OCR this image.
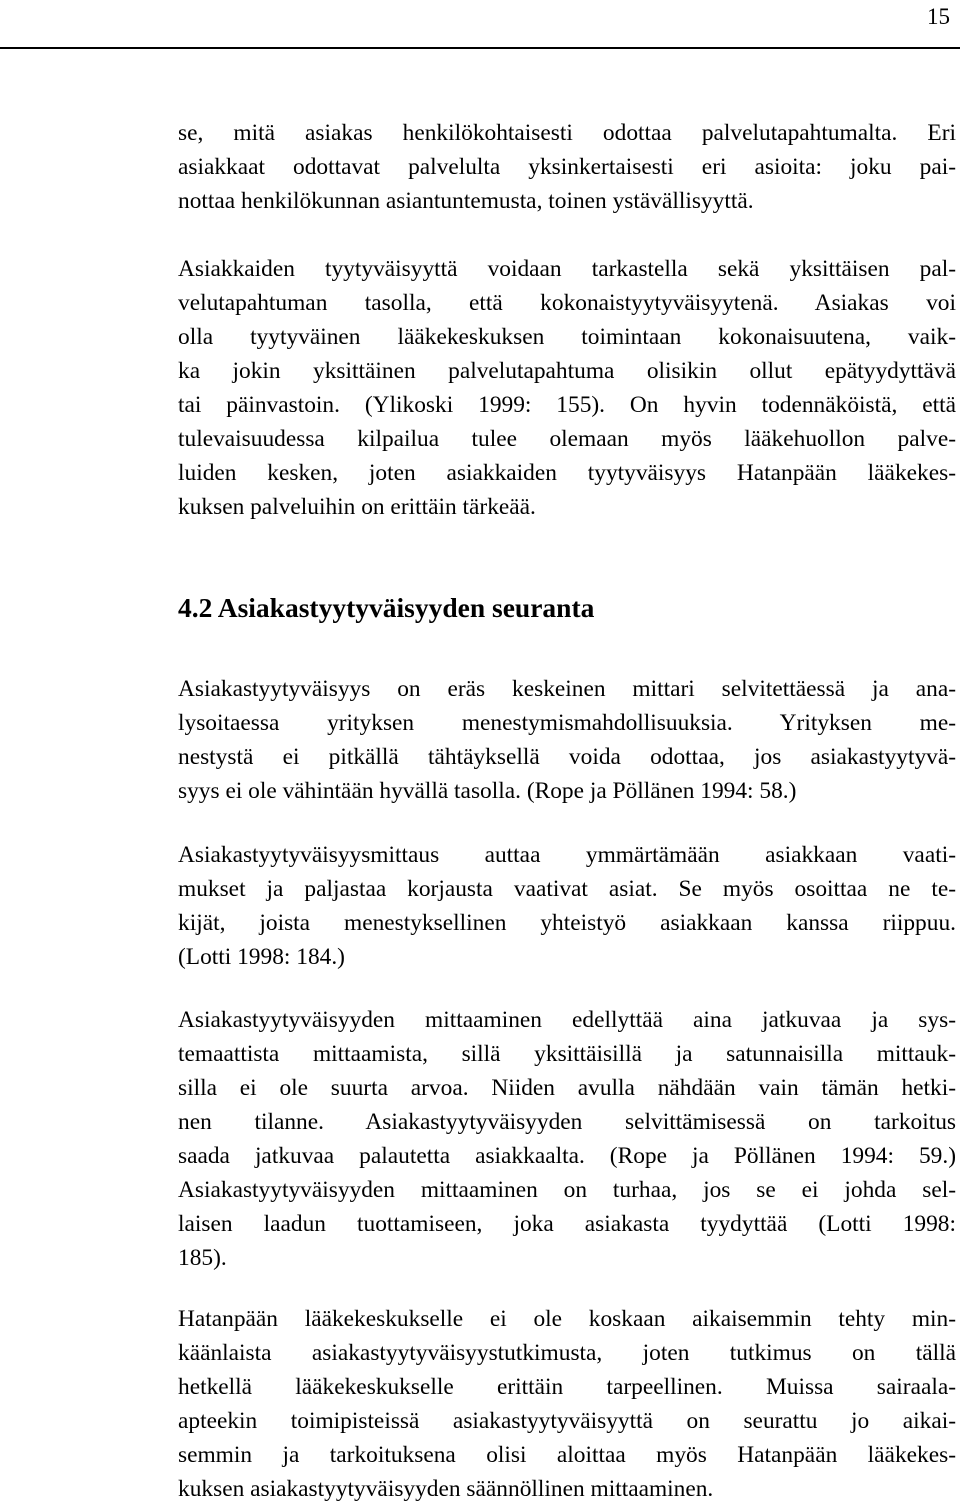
15

se, mitä asiakas henkilökohtaisesti odottaa palvelutapahtumalta. Eri
asiakkaat odottavat palvelulta yksinkertaisesti eri asioita: joku pai-
nottaa henkilökunnan asiantuntemusta, toinen ystävällisyyttä.

Asiakkaiden tyytyväisyyttä voidaan tarkastella sekä yksittäisen pal-
velutapahtuman tasolla, että kokonaistyytyväisyytenä. Asiakas voi
olla tyytyväinen lääkekeskuksen toimintaan kokonaisuutena, vaik-
ka jokin yksittäinen palvelutapahtuma olisikin ollut epätyydyttävä
tai päinvastoin. (Ylikoski 1999: 155). On hyvin todennäköistä, että
tulevaisuudessa kilpailua tulee olemaan myös lääkehuollon palve-
luiden kesken, joten asiakkaiden tyytyväisyys Hatanpään lääkekes-
kuksen palveluihin on erittäin tärkeää.

4.2 Asiakastyytyväisyyden seuranta

Asiakastyytyväisyys on eräs keskeinen mittari selvitettäessä ja ana-
lysoitaessa yrityksen menestymismahdollisuuksia. Yrityksen me-
nestystä ei pitkällä tähtäyksellä voida odottaa, jos asiakastyytyvä-
syys ei ole vähintään hyvällä tasolla. (Rope ja Pöllänen 1994: 58.)

Asiakastyytyväisyysmittaus auttaa ymmärtämään asiakkaan vaati-
mukset ja paljastaa korjausta vaativat asiat. Se myös osoittaa ne te-
kijät, joista menestyksellinen yhteistyö asiakkaan kanssa riippuu.
(Lotti 1998: 184.)

Asiakastyytyväisyyden mittaaminen edellyttää aina jatkuvaa ja sys-
temaattista mittaamista, sillä yksittäisillä ja satunnaisilla mittauk-
silla ei ole suurta arvoa. Niiden avulla nähdään vain tämän hetki-
nen tilanne. Asiakastyytyväisyyden selvittämisessä on tarkoitus
saada jatkuvaa palautetta asiakkaalta. (Rope ja Pöllänen 1994: 59.)
Asiakastyytyväisyyden mittaaminen on turhaa, jos se ei johda sel-
laisen laadun tuottamiseen, joka asiakasta tyydyttää (Lotti 1998:
185).

Hatanpään lääkekeskukselle ei ole koskaan aikaisemmin tehty min-
käänlaista asiakastyytyväisyystutkimusta, joten tutkimus on tällä
hetkellä lääkekeskukselle erittäin tarpeellinen. Muissa sairaala-
apteekin toimipisteissä asiakastyytyväisyyttä on seurattu jo aikai-
semmin ja tarkoituksena olisi aloittaa myös Hatanpään lääkekes-
kuksen asiakastyytyväisyyden säännöllinen mittaaminen.
